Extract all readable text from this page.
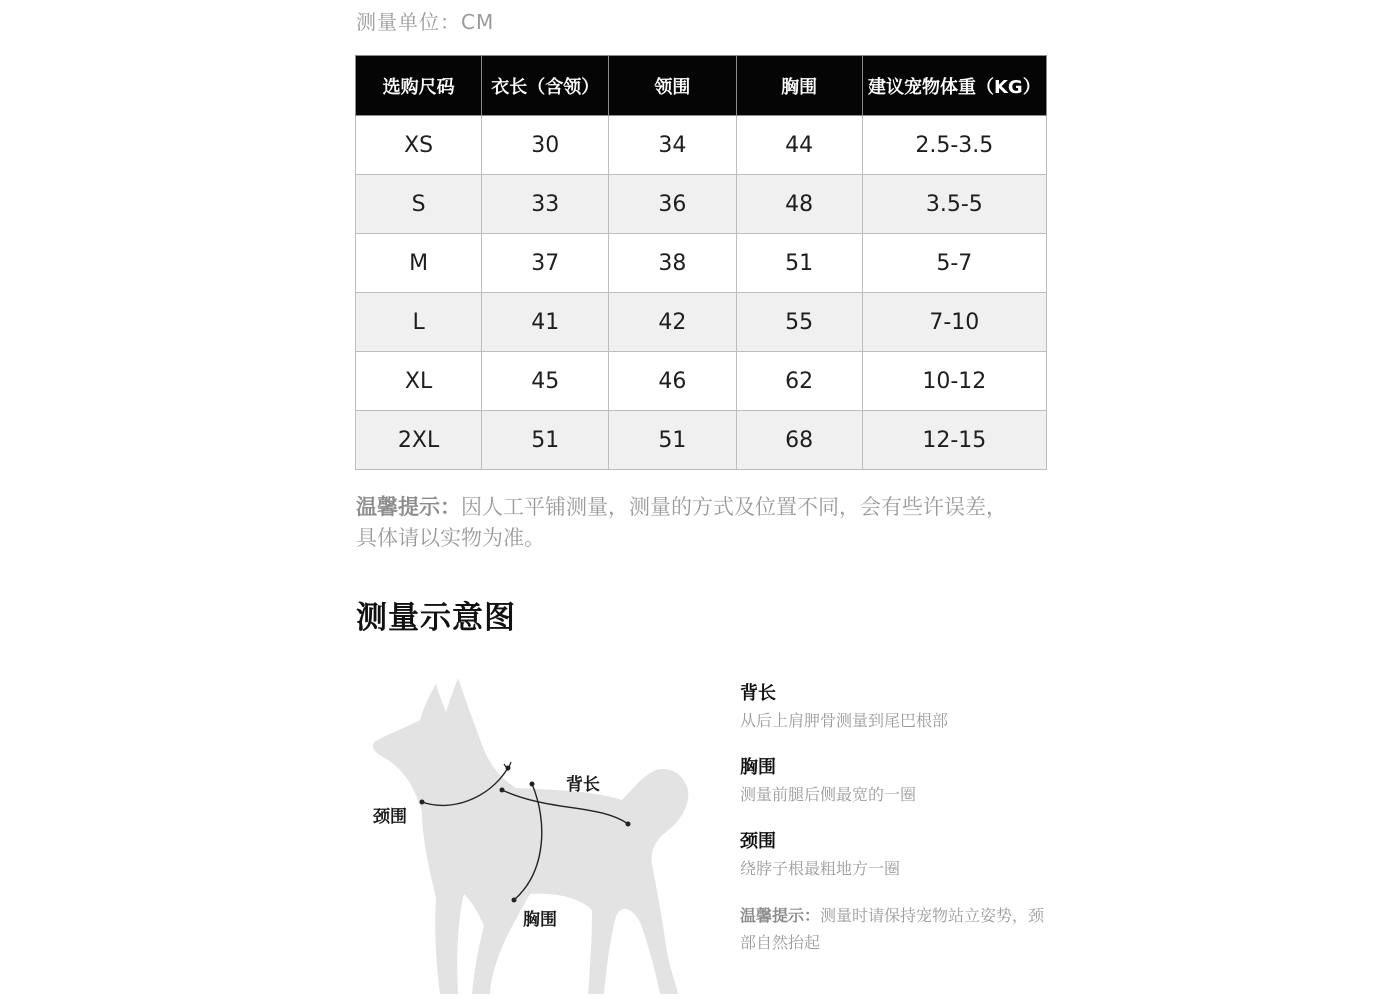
测量单位：CM
选购尺码	衣长（含领）	领围	胸围	建议宠物体重（KG）
XS	30	34	44	2.5-3.5
S	33	36	48	3.5-5
M	37	38	51	5-7
L	41	42	55	7-10
XL	45	46	62	10-12
2XL	51	51	68	12-15
温馨提示：因人工平铺测量，测量的方式及位置不同，会有些许误差，具体请以实物为准。
测量示意图
背长
颈围
胸围
背长
从后上肩胛骨测量到尾巴根部
胸围
测量前腿后侧最宽的一圈
颈围
绕脖子根最粗地方一圈
温馨提示：测量时请保持宠物站立姿势，颈部自然抬起
